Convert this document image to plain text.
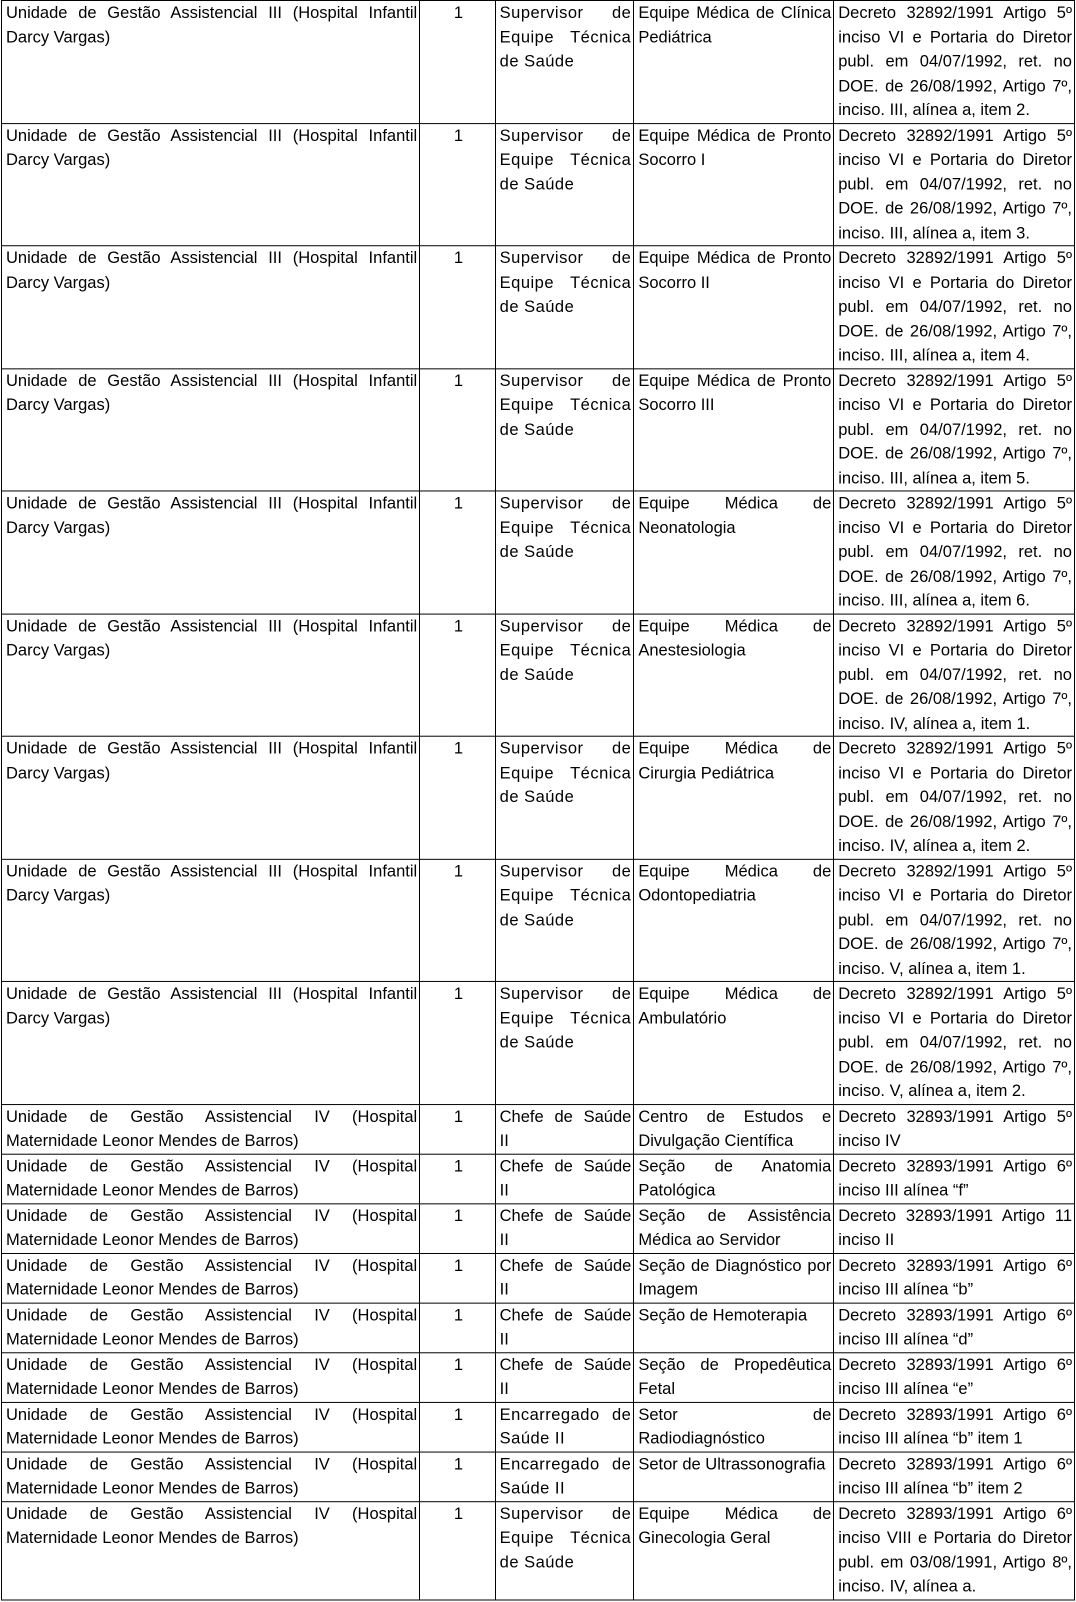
Unidade de Gestão Assistencial III (Hospital Infantil Darcy Vargas)	1	Supervisor de Equipe Técnica de Saúde	Equipe Médica de Clínica Pediátrica	Decreto 32892/1991 Artigo 5º inciso VI e Portaria do Diretor publ. em 04/07/1992, ret. no DOE. de 26/08/1992, Artigo 7º, inciso. III, alínea a, item 2.
Unidade de Gestão Assistencial III (Hospital Infantil Darcy Vargas)	1	Supervisor de Equipe Técnica de Saúde	Equipe Médica de Pronto Socorro I	Decreto 32892/1991 Artigo 5º inciso VI e Portaria do Diretor publ. em 04/07/1992, ret. no DOE. de 26/08/1992, Artigo 7º, inciso. III, alínea a, item 3.
Unidade de Gestão Assistencial III (Hospital Infantil Darcy Vargas)	1	Supervisor de Equipe Técnica de Saúde	Equipe Médica de Pronto Socorro II	Decreto 32892/1991 Artigo 5º inciso VI e Portaria do Diretor publ. em 04/07/1992, ret. no DOE. de 26/08/1992, Artigo 7º, inciso. III, alínea a, item 4.
Unidade de Gestão Assistencial III (Hospital Infantil Darcy Vargas)	1	Supervisor de Equipe Técnica de Saúde	Equipe Médica de Pronto Socorro III	Decreto 32892/1991 Artigo 5º inciso VI e Portaria do Diretor publ. em 04/07/1992, ret. no DOE. de 26/08/1992, Artigo 7º, inciso. III, alínea a, item 5.
Unidade de Gestão Assistencial III (Hospital Infantil Darcy Vargas)	1	Supervisor de Equipe Técnica de Saúde	Equipe Médica de Neonatologia	Decreto 32892/1991 Artigo 5º inciso VI e Portaria do Diretor publ. em 04/07/1992, ret. no DOE. de 26/08/1992, Artigo 7º, inciso. III, alínea a, item 6.
Unidade de Gestão Assistencial III (Hospital Infantil Darcy Vargas)	1	Supervisor de Equipe Técnica de Saúde	Equipe Médica de Anestesiologia	Decreto 32892/1991 Artigo 5º inciso VI e Portaria do Diretor publ. em 04/07/1992, ret. no DOE. de 26/08/1992, Artigo 7º, inciso. IV, alínea a, item 1.
Unidade de Gestão Assistencial III (Hospital Infantil Darcy Vargas)	1	Supervisor de Equipe Técnica de Saúde	Equipe Médica de Cirurgia Pediátrica	Decreto 32892/1991 Artigo 5º inciso VI e Portaria do Diretor publ. em 04/07/1992, ret. no DOE. de 26/08/1992, Artigo 7º, inciso. IV, alínea a, item 2.
Unidade de Gestão Assistencial III (Hospital Infantil Darcy Vargas)	1	Supervisor de Equipe Técnica de Saúde	Equipe Médica de Odontopediatria	Decreto 32892/1991 Artigo 5º inciso VI e Portaria do Diretor publ. em 04/07/1992, ret. no DOE. de 26/08/1992, Artigo 7º, inciso. V, alínea a, item 1.
Unidade de Gestão Assistencial III (Hospital Infantil Darcy Vargas)	1	Supervisor de Equipe Técnica de Saúde	Equipe Médica de Ambulatório	Decreto 32892/1991 Artigo 5º inciso VI e Portaria do Diretor publ. em 04/07/1992, ret. no DOE. de 26/08/1992, Artigo 7º, inciso. V, alínea a, item 2.
Unidade de Gestão Assistencial IV (Hospital Maternidade Leonor Mendes de Barros)	1	Chefe de Saúde II	Centro de Estudos e Divulgação Científica	Decreto 32893/1991 Artigo 5º inciso IV
Unidade de Gestão Assistencial IV (Hospital Maternidade Leonor Mendes de Barros)	1	Chefe de Saúde II	Seção de Anatomia Patológica	Decreto 32893/1991 Artigo 6º inciso III alínea “f”
Unidade de Gestão Assistencial IV (Hospital Maternidade Leonor Mendes de Barros)	1	Chefe de Saúde II	Seção de Assistência Médica ao Servidor	Decreto 32893/1991 Artigo 11 inciso II
Unidade de Gestão Assistencial IV (Hospital Maternidade Leonor Mendes de Barros)	1	Chefe de Saúde II	Seção de Diagnóstico por Imagem	Decreto 32893/1991 Artigo 6º inciso III alínea “b”
Unidade de Gestão Assistencial IV (Hospital Maternidade Leonor Mendes de Barros)	1	Chefe de Saúde II	Seção de Hemoterapia	Decreto 32893/1991 Artigo 6º inciso III alínea “d”
Unidade de Gestão Assistencial IV (Hospital Maternidade Leonor Mendes de Barros)	1	Chefe de Saúde II	Seção de Propedêutica Fetal	Decreto 32893/1991 Artigo 6º inciso III alínea “e”
Unidade de Gestão Assistencial IV (Hospital Maternidade Leonor Mendes de Barros)	1	Encarregado de Saúde II	Setor de Radiodiagnóstico	Decreto 32893/1991 Artigo 6º inciso III alínea “b” item 1
Unidade de Gestão Assistencial IV (Hospital Maternidade Leonor Mendes de Barros)	1	Encarregado de Saúde II	Setor de Ultrassonografia	Decreto 32893/1991 Artigo 6º inciso III alínea “b” item 2
Unidade de Gestão Assistencial IV (Hospital Maternidade Leonor Mendes de Barros)	1	Supervisor de Equipe Técnica de Saúde	Equipe Médica de Ginecologia Geral	Decreto 32893/1991 Artigo 6º inciso VIII e Portaria do Diretor publ. em 03/08/1991, Artigo 8º, inciso. IV, alínea a.
